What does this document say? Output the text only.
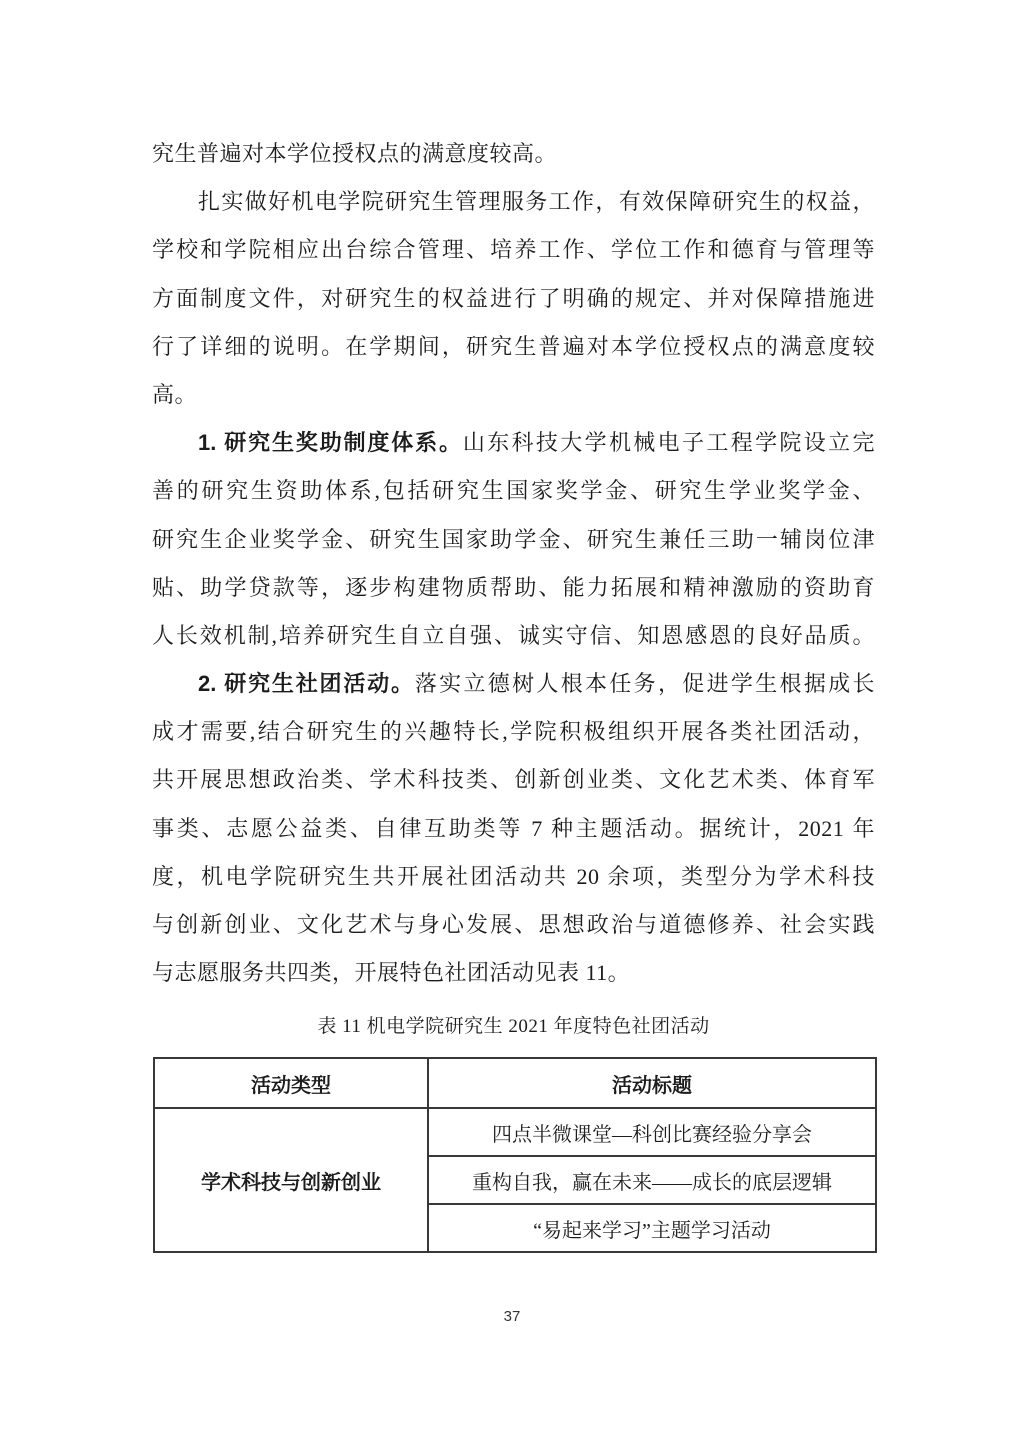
究生普遍对本学位授权点的满意度较高。
扎实做好机电学院研究生管理服务工作，有效保障研究生的权益，
学校和学院相应出台综合管理、培养工作、学位工作和德育与管理等
方面制度文件，对研究生的权益进行了明确的规定、并对保障措施进
行了详细的说明。在学期间，研究生普遍对本学位授权点的满意度较
高。
1. 研究生奖助制度体系。山东科技大学机械电子工程学院设立完
善的研究生资助体系,包括研究生国家奖学金、研究生学业奖学金、
研究生企业奖学金、研究生国家助学金、研究生兼任三助一辅岗位津
贴、助学贷款等，逐步构建物质帮助、能力拓展和精神激励的资助育
人长效机制,培养研究生自立自强、诚实守信、知恩感恩的良好品质。
2. 研究生社团活动。落实立德树人根本任务，促进学生根据成长
成才需要,结合研究生的兴趣特长,学院积极组织开展各类社团活动，
共开展思想政治类、学术科技类、创新创业类、文化艺术类、体育军
事类、志愿公益类、自律互助类等 7 种主题活动。据统计，2021 年
度，机电学院研究生共开展社团活动共 20 余项，类型分为学术科技
与创新创业、文化艺术与身心发展、思想政治与道德修养、社会实践
与志愿服务共四类，开展特色社团活动见表 11。
表 11 机电学院研究生 2021 年度特色社团活动
活动类型	活动标题
学术科技与创新创业	四点半微课堂—科创比赛经验分享会
	重构自我，赢在未来——成长的底层逻辑
	“易起来学习”主题学习活动
37
